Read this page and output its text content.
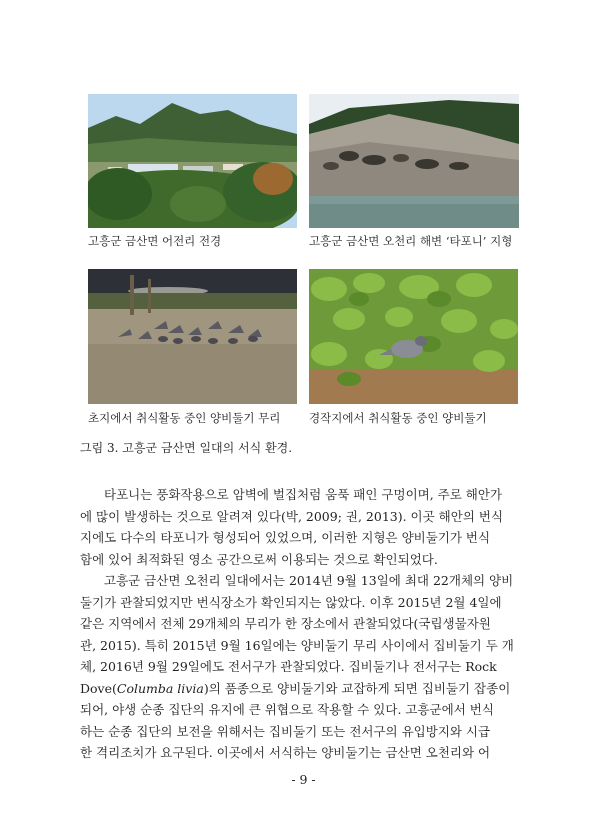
고흥군 금산면 어전리 전경	고흥군 금산면 오천리 해변 ‘타포니’ 지형
초지에서 취식활동 중인 양비둘기 무리	경작지에서 취식활동 중인 양비둘기
그림 3. 고흥군 금산면 일대의 서식 환경.
타포니는 풍화작용으로 암벽에 벌집처럼 움푹 패인 구멍이며, 주로 해안가
에 많이 발생하는 것으로 알려져 있다(박, 2009; 권, 2013). 이곳 해안의 번식
지에도 다수의 타포니가 형성되어 있었으며, 이러한 지형은 양비둘기가 번식
함에 있어 최적화된 영소 공간으로써 이용되는 것으로 확인되었다.
고흥군 금산면 오천리 일대에서는 2014년 9월 13일에 최대 22개체의 양비
둘기가 관찰되었지만 번식장소가 확인되지는 않았다. 이후 2015년 2월 4일에
같은 지역에서 전체 29개체의 무리가 한 장소에서 관찰되었다(국립생물자원
관, 2015). 특히 2015년 9월 16일에는 양비둘기 무리 사이에서 집비둘기 두 개
체, 2016년 9월 29일에도 전서구가 관찰되었다. 집비둘기나 전서구는 Rock
Dove(Columba livia)의 품종으로 양비둘기와 교잡하게 되면 집비둘기 잡종이
되어, 야생 순종 집단의 유지에 큰 위협으로 작용할 수 있다. 고흥군에서 번식
하는 순종 집단의 보전을 위해서는 집비둘기 또는 전서구의 유입방지와 시급
한 격리조치가 요구된다. 이곳에서 서식하는 양비둘기는 금산면 오천리와 어
- 9 -
